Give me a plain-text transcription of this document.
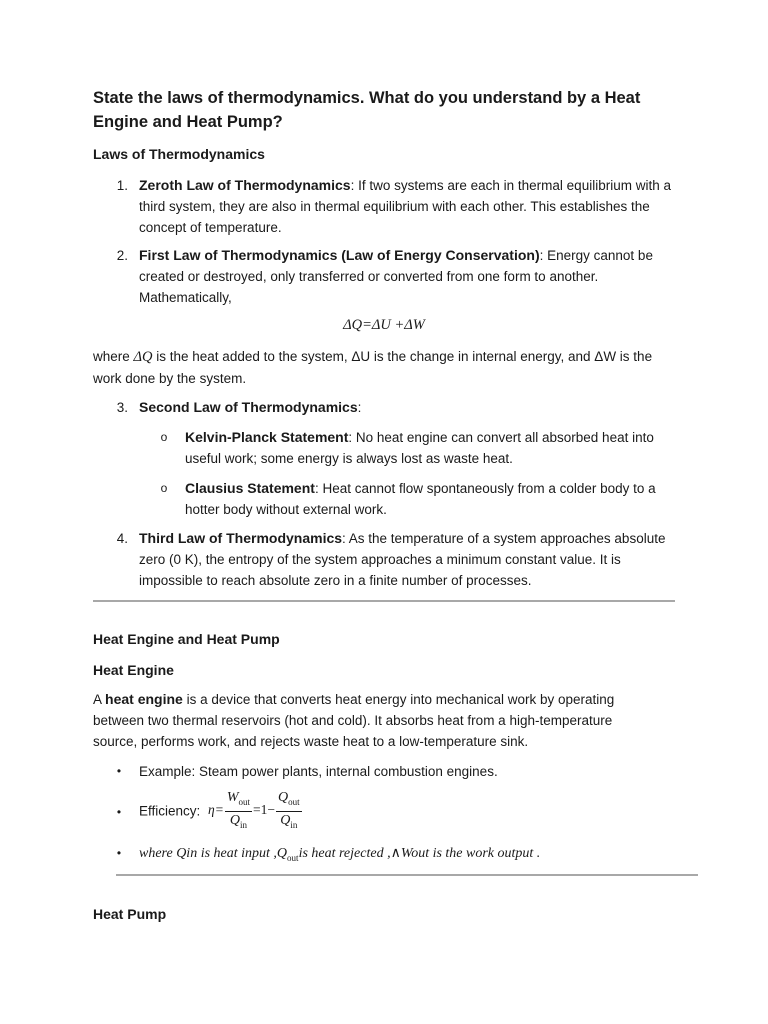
State the laws of thermodynamics. What do you understand by a Heat Engine and Heat Pump?
Laws of Thermodynamics
1. Zeroth Law of Thermodynamics: If two systems are each in thermal equilibrium with a third system, they are also in thermal equilibrium with each other. This establishes the concept of temperature.
2. First Law of Thermodynamics (Law of Energy Conservation): Energy cannot be created or destroyed, only transferred or converted from one form to another. Mathematically,
ΔQ=ΔU +ΔW

where ΔQ is the heat added to the system, ΔU is the change in internal energy, and ΔW is the work done by the system.

3. Second Law of Thermodynamics:
o Kelvin-Planck Statement: No heat engine can convert all absorbed heat into useful work; some energy is always lost as waste heat.
o Clausius Statement: Heat cannot flow spontaneously from a colder body to a hotter body without external work.
4. Third Law of Thermodynamics: As the temperature of a system approaches absolute zero (0 K), the entropy of the system approaches a minimum constant value. It is impossible to reach absolute zero in a finite number of processes.
Heat Engine and Heat Pump
Heat Engine

A heat engine is a device that converts heat energy into mechanical work by operating between two thermal reservoirs (hot and cold). It absorbs heat from a high-temperature source, performs work, and rejects waste heat to a low-temperature sink.

• Example: Steam power plants, internal combustion engines.
• Efficiency: $\eta= \frac{W_{out}}{Q_{in}} =1- \frac{Q_{out}}{Q_{in}}$
• where Qin is heat input $,Q_{out}is$ heat rejected ,∧Wout is the work output .
Heat Pump
